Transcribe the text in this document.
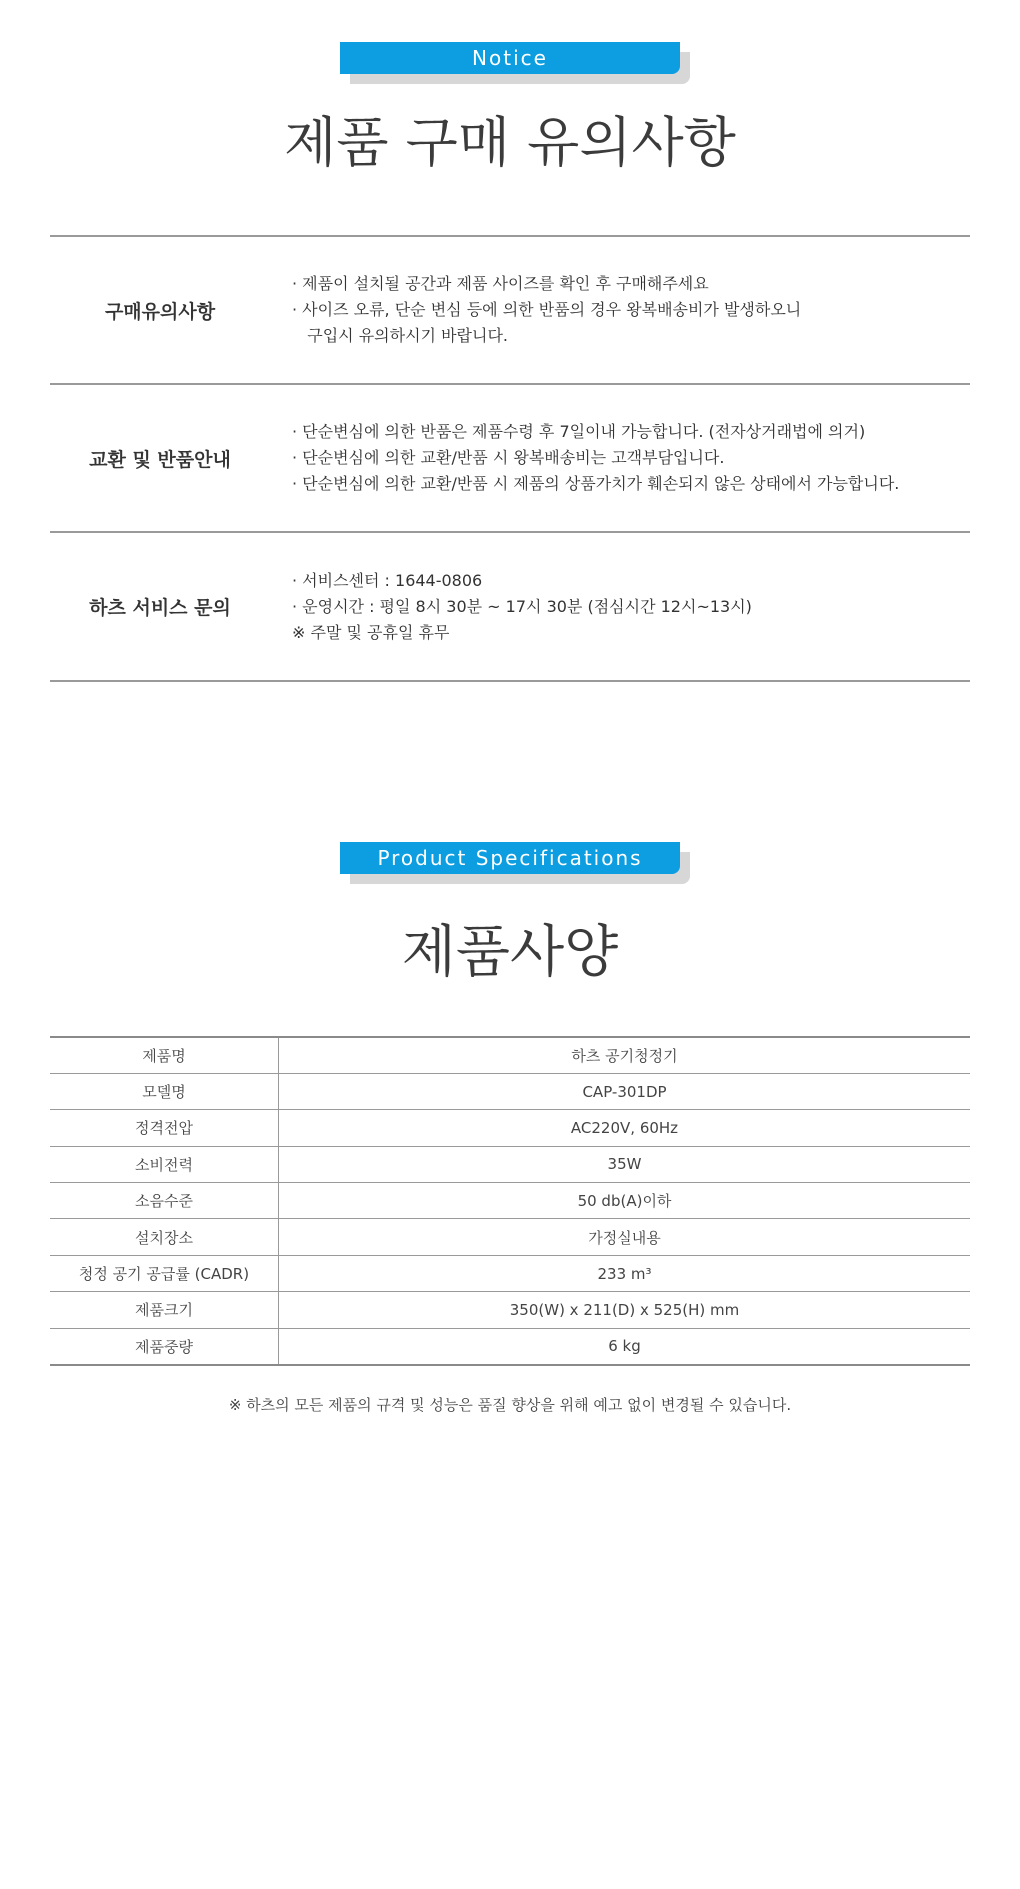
Notice
제품 구매 유의사항
구매유의사항
· 제품이 설치될 공간과 제품 사이즈를 확인 후 구매해주세요
· 사이즈 오류, 단순 변심 등에 의한 반품의 경우 왕복배송비가 발생하오니
구입시 유의하시기 바랍니다.
교환 및 반품안내
· 단순변심에 의한 반품은 제품수령 후 7일이내 가능합니다. (전자상거래법에 의거)
· 단순변심에 의한 교환/반품 시 왕복배송비는 고객부담입니다.
· 단순변심에 의한 교환/반품 시 제품의 상품가치가 훼손되지 않은 상태에서 가능합니다.
하츠 서비스 문의
· 서비스센터 : 1644-0806
· 운영시간 : 평일 8시 30분 ~ 17시 30분 (점심시간 12시~13시)
※ 주말 및 공휴일 휴무
Product Specifications
제품사양
제품명	하츠 공기청정기
모델명	CAP-301DP
정격전압	AC220V, 60Hz
소비전력	35W
소음수준	50 db(A)이하
설치장소	가정실내용
청정 공기 공급률 (CADR)	233 m³
제품크기	350(W) x 211(D) x 525(H) mm
제품중량	6 kg
※ 하츠의 모든 제품의 규격 및 성능은 품질 향상을 위해 예고 없이 변경될 수 있습니다.
